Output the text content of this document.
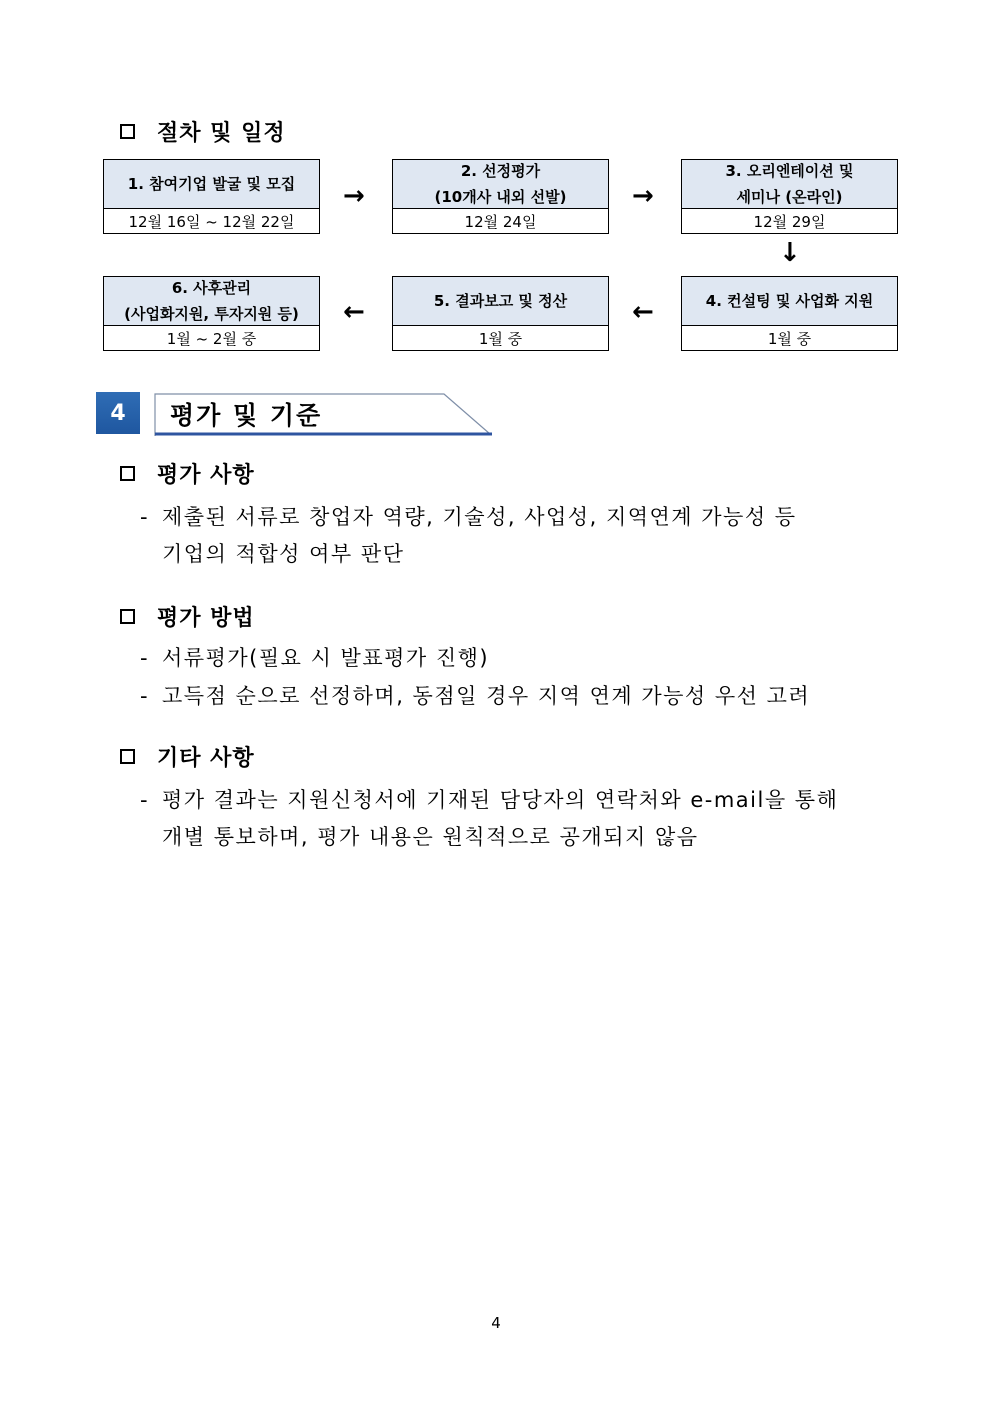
절차 및 일정
1. 참여기업 발굴 및 모집
12월 16일 ~ 12월 22일
→
2. 선정평가
(10개사 내외 선발)
12월 24일
→
3. 오리엔테이션 및
세미나 (온라인)
12월 29일
↓
6. 사후관리
(사업화지원, 투자지원 등)
1월 ~ 2월 중
←	5. 결과보고 및 정산
1월 중
←	4. 컨설팅 및 사업화 지원
1월 중
4	평가 및 기준
평가 사항
- 제출된 서류로 창업자 역량, 기술성, 사업성, 지역연계 가능성 등
기업의 적합성 여부 판단
평가 방법
- 서류평가(필요 시 발표평가 진행)
- 고득점 순으로 선정하며, 동점일 경우 지역 연계 가능성 우선 고려
기타 사항
- 평가 결과는 지원신청서에 기재된 담당자의 연락처와 e-mail을 통해
개별 통보하며, 평가 내용은 원칙적으로 공개되지 않음
4
